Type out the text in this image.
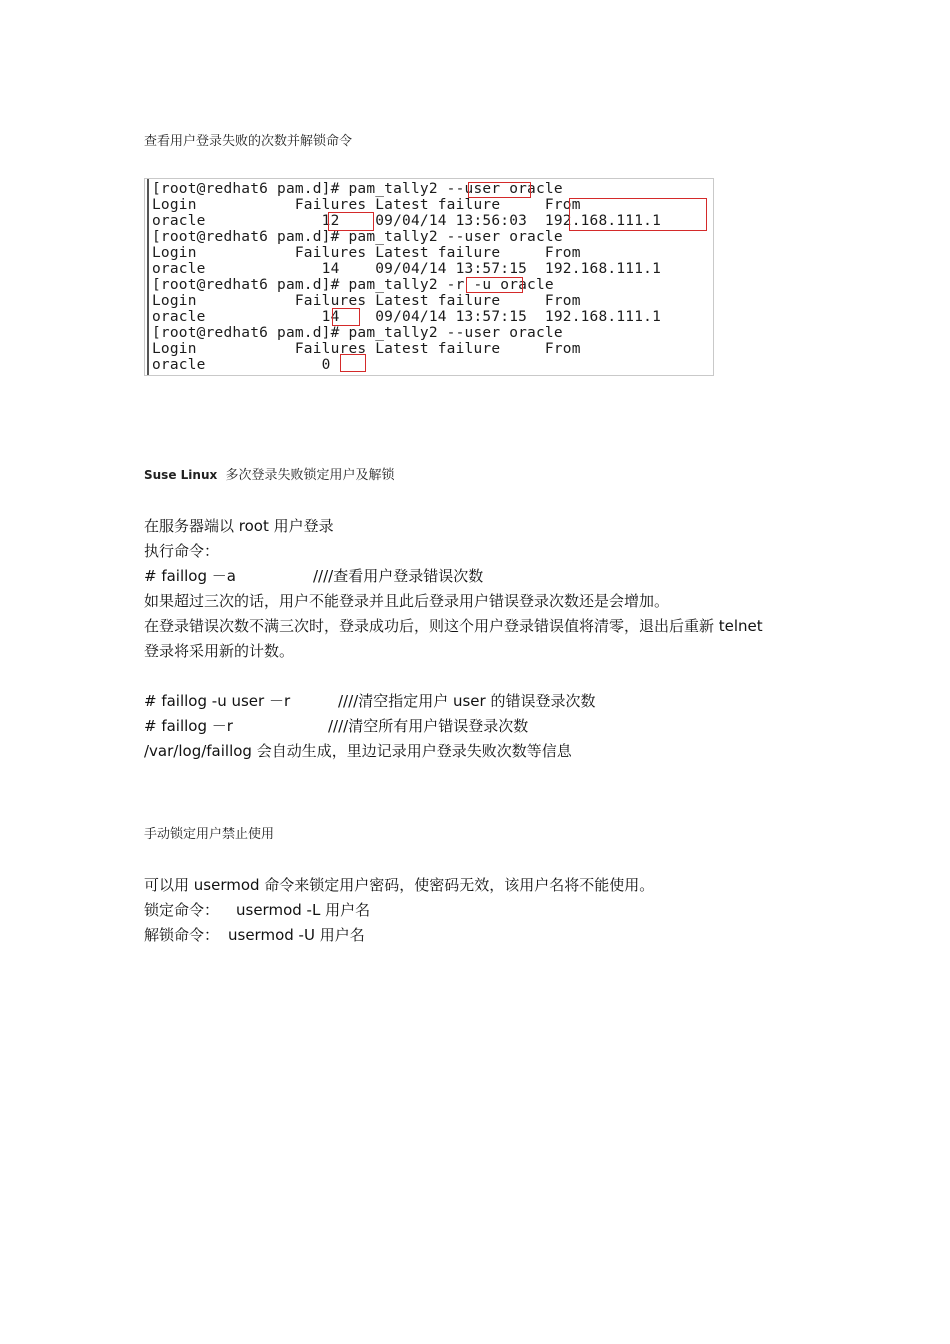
查看用户登录失败的次数并解锁命令
[root@redhat6 pam.d]# pam_tally2 --user oracle
Login           Failures Latest failure     From
oracle             12    09/04/14 13:56:03  192.168.111.1
[root@redhat6 pam.d]# pam_tally2 --user oracle
Login           Failures Latest failure     From
oracle             14    09/04/14 13:57:15  192.168.111.1
[root@redhat6 pam.d]# pam_tally2 -r -u oracle
Login           Failures Latest failure     From
oracle             14    09/04/14 13:57:15  192.168.111.1
[root@redhat6 pam.d]# pam_tally2 --user oracle
Login           Failures Latest failure     From
oracle             0
Suse Linux 多次登录失败锁定用户及解锁
在服务器端以 root 用户登录
执行命令：
# faillog －a	////查看用户登录错误次数
如果超过三次的话，用户不能登录并且此后登录用户错误登录次数还是会增加。
在登录错误次数不满三次时，登录成功后，则这个用户登录错误值将清零，退出后重新 telnet
登录将采用新的计数。
# faillog -u user －r	////清空指定用户 user 的错误登录次数
# faillog －r	////清空所有用户错误登录次数
/var/log/faillog 会自动生成，里边记录用户登录失败次数等信息
手动锁定用户禁止使用
可以用 usermod 命令来锁定用户密码，使密码无效，该用户名将不能使用。
锁定命令： usermod -L 用户名
解锁命令： usermod -U 用户名
